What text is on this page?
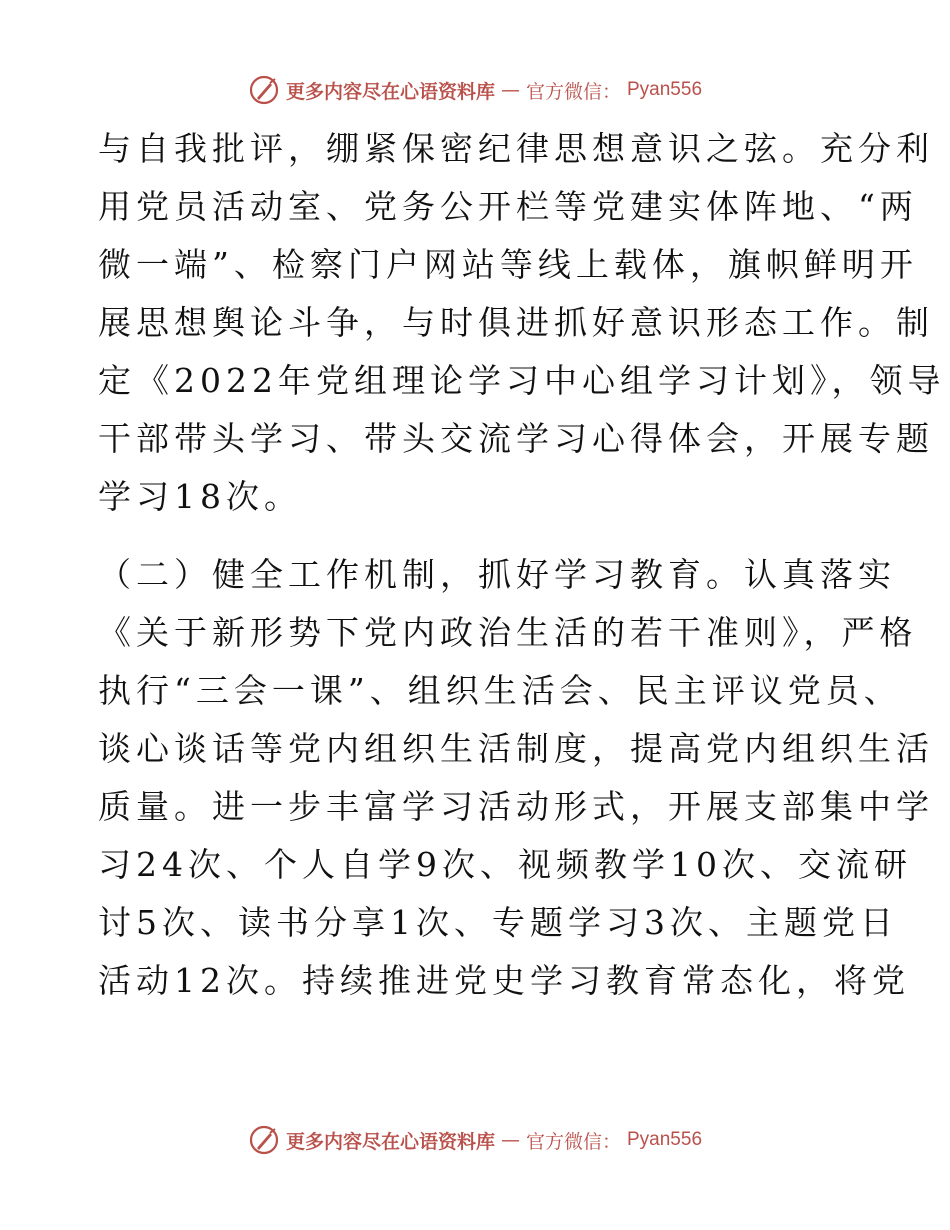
更多内容尽在心语资料库 — 官方微信： Pyan556
与自我批评，绷紧保密纪律思想意识之弦。充分利
用党员活动室、党务公开栏等党建实体阵地、“两
微一端”、检察门户网站等线上载体，旗帜鲜明开
展思想舆论斗争，与时俱进抓好意识形态工作。制
定《2022年党组理论学习中心组学习计划》，领导
干部带头学习、带头交流学习心得体会，开展专题
学习18次。
（二）健全工作机制，抓好学习教育。认真落实
《关于新形势下党内政治生活的若干准则》，严格
执行“三会一课”、组织生活会、民主评议党员、
谈心谈话等党内组织生活制度，提高党内组织生活
质量。进一步丰富学习活动形式，开展支部集中学
习24次、个人自学9次、视频教学10次、交流研
讨5次、读书分享1次、专题学习3次、主题党日
活动12次。持续推进党史学习教育常态化，将党
更多内容尽在心语资料库 — 官方微信： Pyan556
